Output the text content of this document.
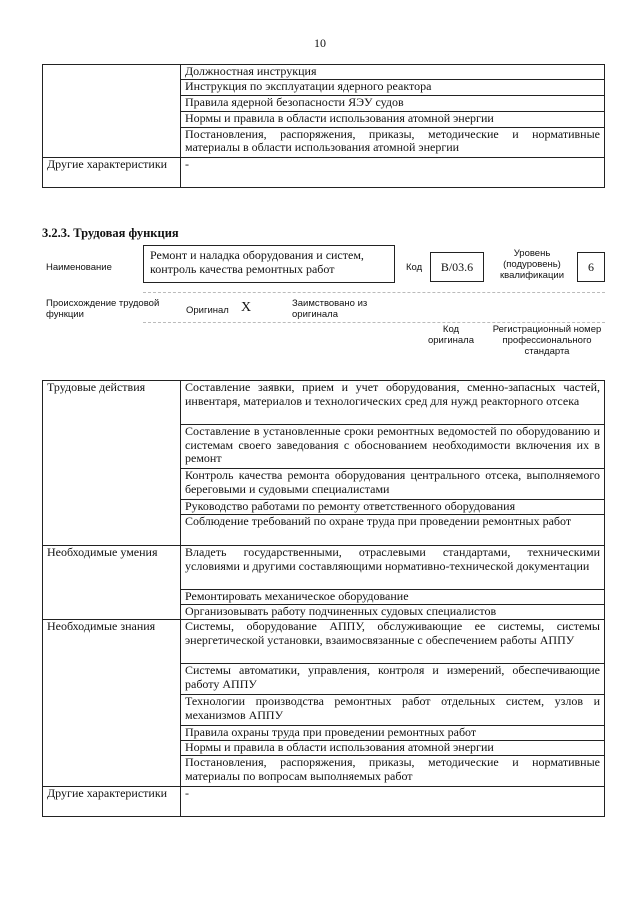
10
	Должностная инструкция
	Инструкция по эксплуатации ядерного реактора
	Правила ядерной безопасности ЯЭУ судов
	Нормы и правила в области использования атомной энергии
	Постановления, распоряжения, приказы, методические и нормативные материалы в области использования атомной энергии
Другие характеристики	-
3.2.3. Трудовая функция
Наименование
Ремонт и наладка оборудования и систем, контроль качества ремонтных работ	Код	B/03.6
Уровень (подуровень) квалификации
6
Происхождение трудовой функции	Оригинал X	Заимствовано из оригинала
Код оригинала
Регистрационный номер профессионального стандарта
Трудовые действия	Составление заявки, прием и учет оборудования, сменно-запасных частей, инвентаря, материалов и технологических сред для нужд реакторного отсека
	Составление в установленные сроки ремонтных ведомостей по оборудованию и системам своего заведования с обоснованием необходимости включения их в ремонт
	Контроль качества ремонта оборудования центрального отсека, выполняемого береговыми и судовыми специалистами
	Руководство работами по ремонту ответственного оборудования
	Соблюдение требований по охране труда при проведении ремонтных работ
Необходимые умения	Владеть государственными, отраслевыми стандартами, техническими условиями и другими составляющими нормативно-технической документации
	Ремонтировать механическое оборудование
	Организовывать работу подчиненных судовых специалистов
Необходимые знания	Системы, оборудование АППУ, обслуживающие ее системы, системы энергетической установки, взаимосвязанные с обеспечением работы АППУ
	Системы автоматики, управления, контроля и измерений, обеспечивающие работу АППУ
	Технологии производства ремонтных работ отдельных систем, узлов и механизмов АППУ
	Правила охраны труда при проведении ремонтных работ
	Нормы и правила в области использования атомной энергии
	Постановления, распоряжения, приказы, методические и нормативные материалы по вопросам выполняемых работ
Другие характеристики	-
